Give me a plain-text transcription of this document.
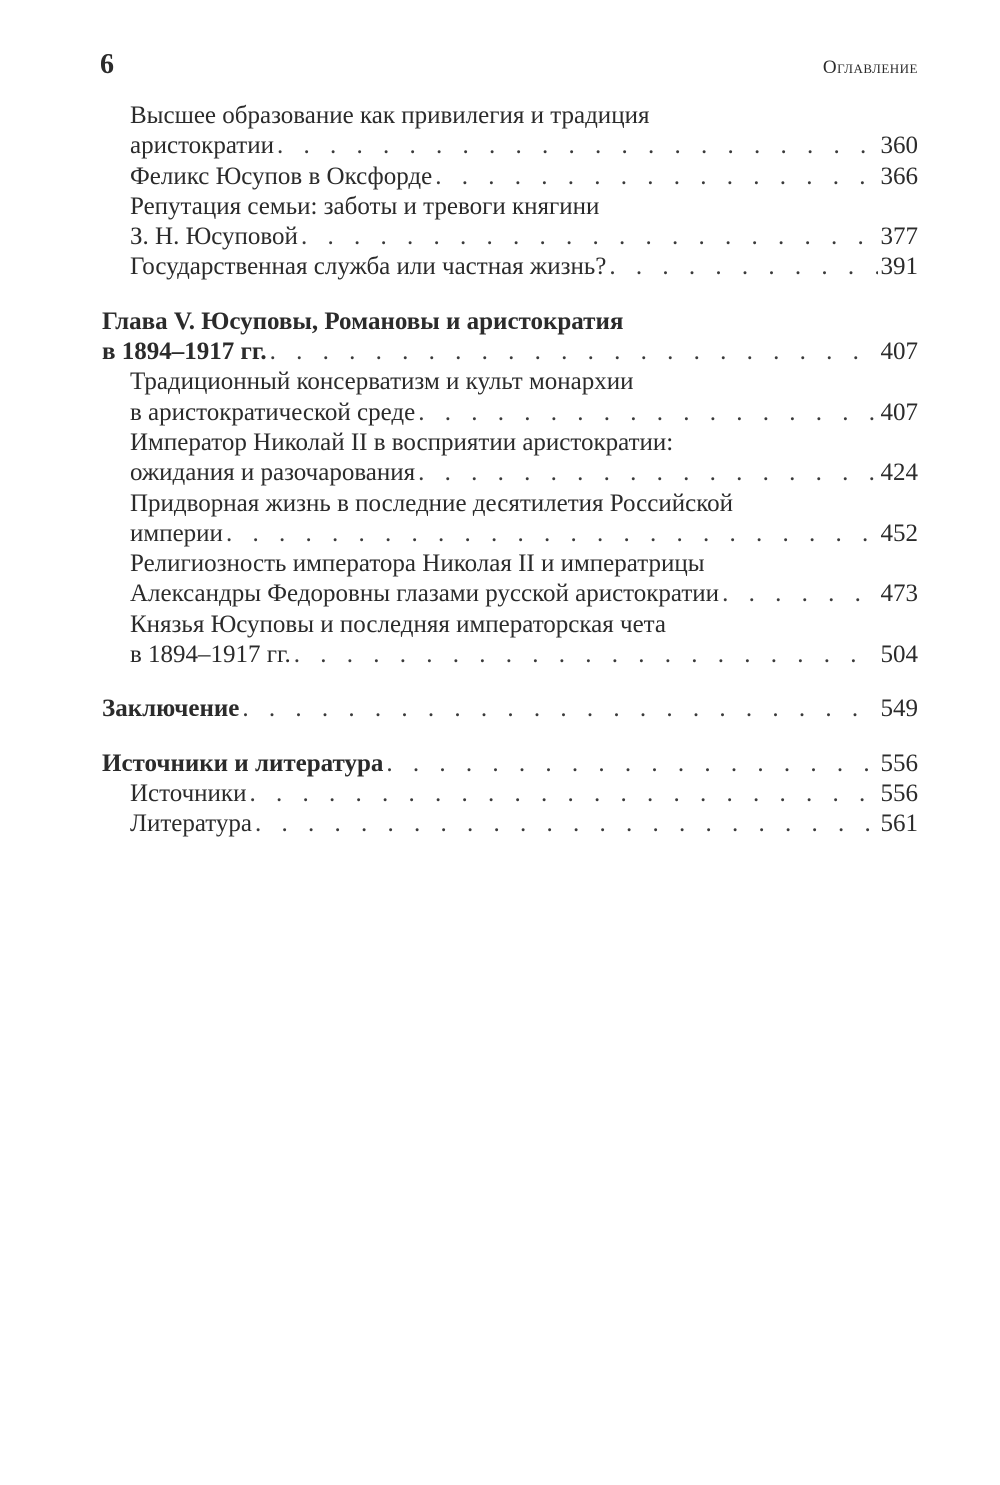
6	Оглавление
Высшее образование как привилегия и традиция
аристократии . . .	360
Феликс Юсупов в Оксфорде . . .	366
Репутация семьи: заботы и тревоги княгини
З. Н. Юсуповой . . .	377
Государственная служба или частная жизнь? . . .	391
Глава V. Юсуповы, Романовы и аристократия
в 1894–1917 гг. . . .	407
Традиционный консерватизм и культ монархии
в аристократической среде . . .	407
Император Николай II в восприятии аристократии:
ожидания и разочарования . . .	424
Придворная жизнь в последние десятилетия Российской
империи . . .	452
Религиозность императора Николая II и императрицы
Александры Федоровны глазами русской аристократии . . .	473
Князья Юсуповы и последняя императорская чета
в 1894–1917 гг. . . .	504
Заключение . . .	549
Источники и литература . . .	556
Источники . . .	556
Литература . . .	561
